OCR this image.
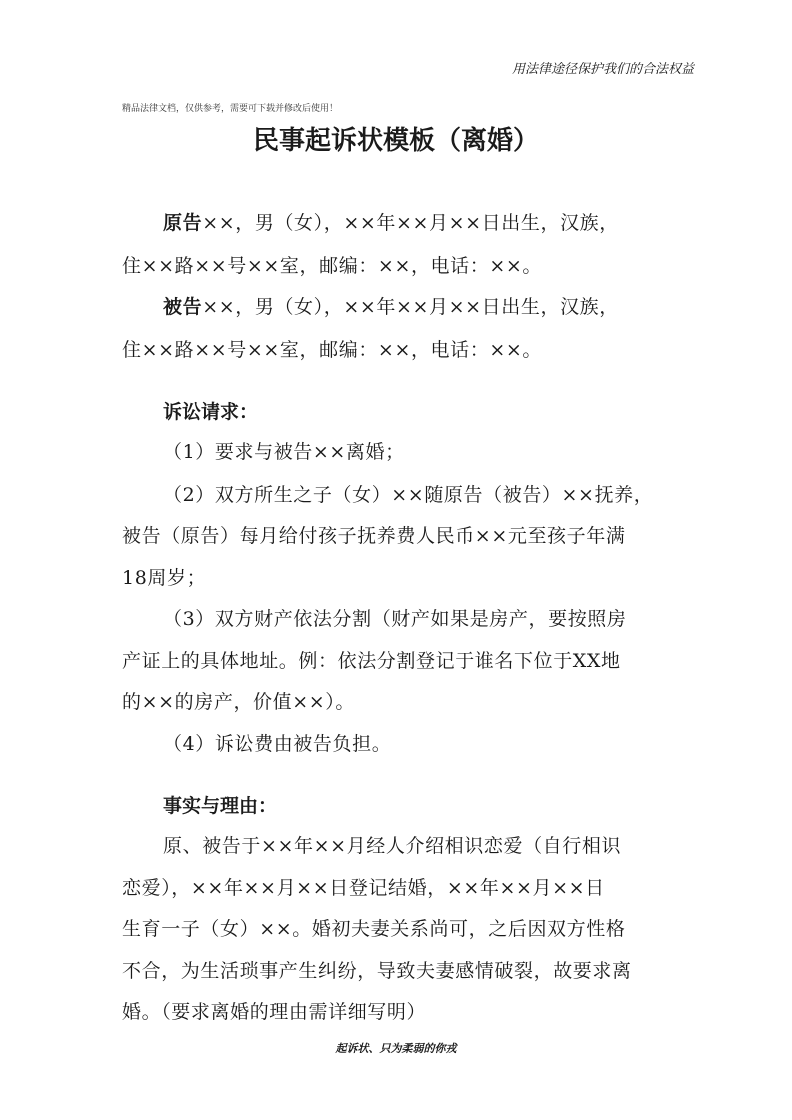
用法律途径保护我们的合法权益
精品法律文档，仅供参考，需要可下载并修改后使用！
民事起诉状模板（离婚）
原告××，男（女），××年××月××日出生，汉族，
住××路××号××室，邮编：××，电话：××。
被告××，男（女），××年××月××日出生，汉族，
住××路××号××室，邮编：××，电话：××。
诉讼请求：
（1）要求与被告××离婚；
（2）双方所生之子（女）××随原告（被告）××抚养，
被告（原告）每月给付孩子抚养费人民币××元至孩子年满
18周岁；
（3）双方财产依法分割（财产如果是房产，要按照房
产证上的具体地址。例：依法分割登记于谁名下位于XX地
的××的房产，价值××）。
（4）诉讼费由被告负担。
事实与理由：
原、被告于××年××月经人介绍相识恋爱（自行相识
恋爱），××年××月××日登记结婚，××年××月××日
生育一子（女）××。婚初夫妻关系尚可，之后因双方性格
不合，为生活琐事产生纠纷，导致夫妻感情破裂，故要求离
婚。（要求离婚的理由需详细写明）
起诉状、只为柔弱的你戎
